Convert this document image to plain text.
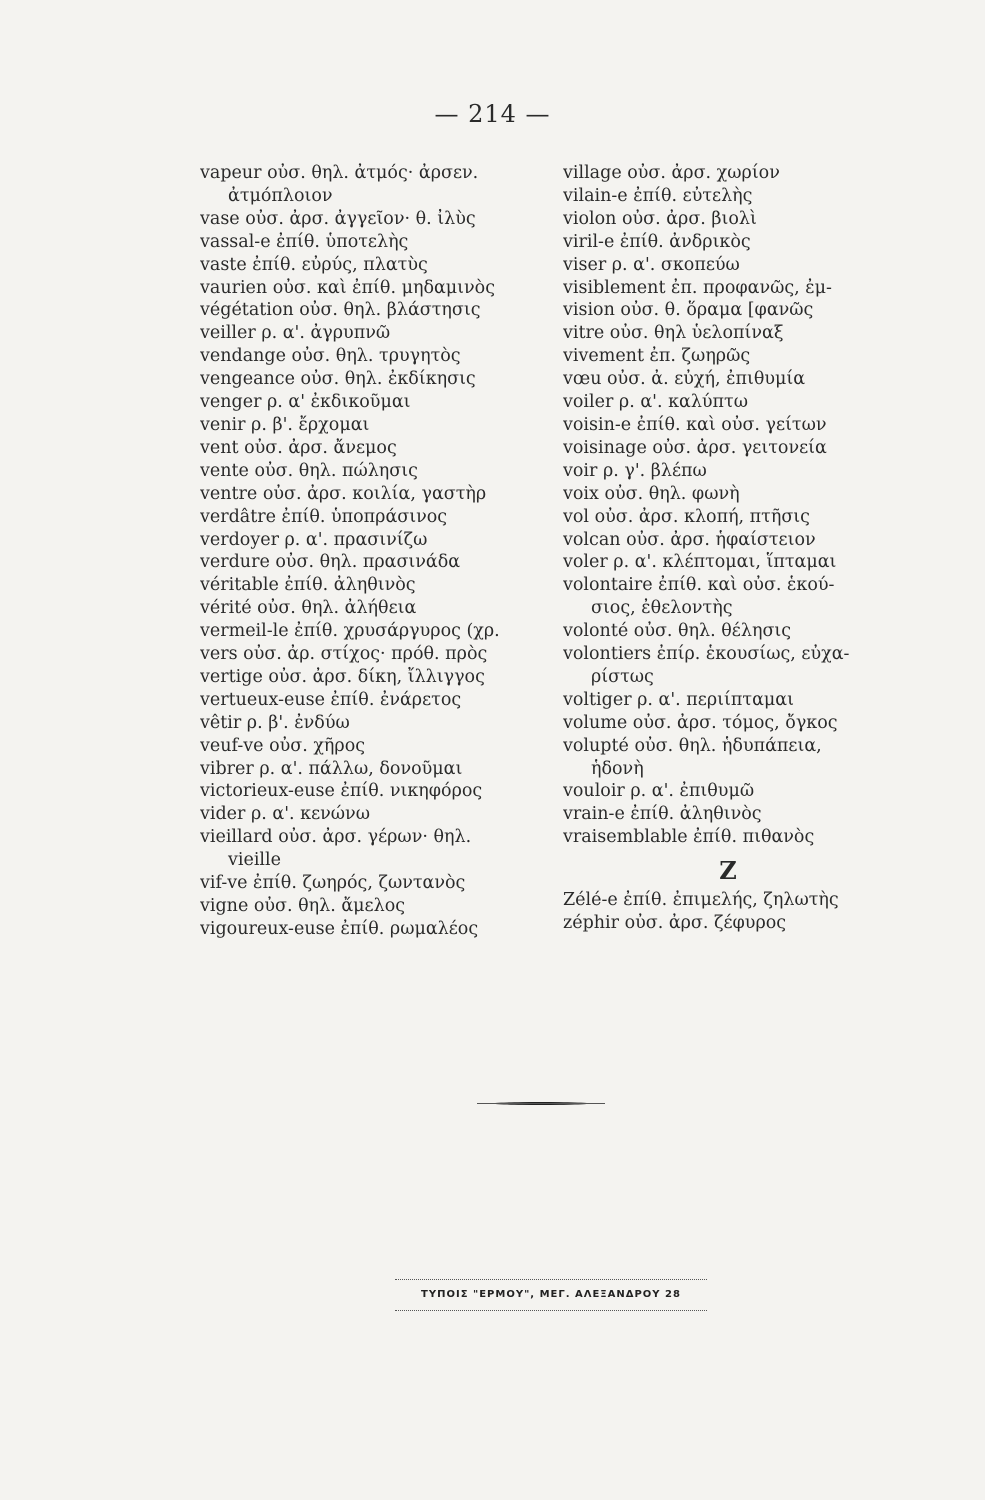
— 214 —
vapeur οὐσ. θηλ. ἀτμός· ἀρσεν.
ἀτμόπλοιον
vase οὐσ. ἀρσ. ἀγγεῖον· θ. ἰλὺς
vassal-e ἐπίθ. ὑποτελὴς
vaste ἐπίθ. εὐρύς, πλατὺς
vaurien οὐσ. καὶ ἐπίθ. μηδαμινὸς
végétation οὐσ. θηλ. βλάστησις
veiller ρ. α'. ἀγρυπνῶ
vendange οὐσ. θηλ. τρυγητὸς
vengeance οὐσ. θηλ. ἐκδίκησις
venger ρ. α' ἐκδικοῦμαι
venir ρ. β'. ἔρχομαι
vent οὐσ. ἀρσ. ἄνεμος
vente οὐσ. θηλ. πώλησις
ventre οὐσ. ἀρσ. κοιλία, γαστὴρ
verdâtre ἐπίθ. ὑποπράσινος
verdoyer ρ. α'. πρασινίζω
verdure οὐσ. θηλ. πρασινάδα
véritable ἐπίθ. ἀληθινὸς
vérité οὐσ. θηλ. ἀλήθεια
vermeil-le ἐπίθ. χρυσάργυρος (χρ.
vers οὐσ. ἀρ. στίχος· πρόθ. πρὸς
vertige οὐσ. ἀρσ. δίκη, ἴλλιγγος
vertueux-euse ἐπίθ. ἐνάρετος
vêtir ρ. β'. ἐνδύω
veuf-ve οὐσ. χῆρος
vibrer ρ. α'. πάλλω, δονοῦμαι
victorieux-euse ἐπίθ. νικηφόρος
vider ρ. α'. κενώνω
vieillard οὐσ. ἀρσ. γέρων· θηλ.
vieille
vif-ve ἐπίθ. ζωηρός, ζωντανὸς
vigne οὐσ. θηλ. ἄμελος
vigoureux-euse ἐπίθ. ρωμαλέος
village οὐσ. ἀρσ. χωρίον
vilain-e ἐπίθ. εὐτελὴς
violon οὐσ. ἀρσ. βιολὶ
viril-e ἐπίθ. ἀνδρικὸς
viser ρ. α'. σκοπεύω
visiblement ἐπ. προφανῶς, ἐμ-
vision οὐσ. θ. ὅραμα [φανῶς
vitre οὐσ. θηλ ὑελοπίναξ
vivement ἐπ. ζωηρῶς
vœu οὐσ. ἀ. εὐχή, ἐπιθυμία
voiler ρ. α'. καλύπτω
voisin-e ἐπίθ. καὶ οὐσ. γείτων
voisinage οὐσ. ἀρσ. γειτονεία
voir ρ. γ'. βλέπω
voix οὐσ. θηλ. φωνὴ
vol οὐσ. ἀρσ. κλοπή, πτῆσις
volcan οὐσ. ἀρσ. ἡφαίστειον
voler ρ. α'. κλέπτομαι, ἵπταμαι
volontaire ἐπίθ. καὶ οὐσ. ἑκού-
σιος, ἐθελοντὴς
volonté οὐσ. θηλ. θέλησις
volontiers ἐπίρ. ἑκουσίως, εὐχα-
ρίστως
voltiger ρ. α'. περιίπταμαι
volume οὐσ. ἀρσ. τόμος, ὄγκος
volupté οὐσ. θηλ. ἡδυπάπεια,
ἡδονὴ
vouloir ρ. α'. ἐπιθυμῶ
vrain-e ἐπίθ. ἀληθινὸς
vraisemblable ἐπίθ. πιθανὸς
Z
Zélé-e ἐπίθ. ἐπιμελής, ζηλωτὴς
zéphir οὐσ. ἀρσ. ζέφυρος
ΤΥΠΟΙΣ "ΕΡΜΟΥ", ΜΕΓ. ΑΛΕΞΑΝΔΡΟΥ 28
